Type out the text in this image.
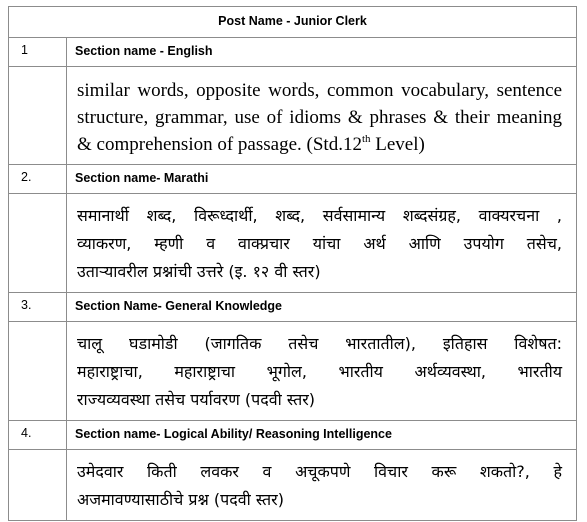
Post Name - Junior Clerk	
1	Section name - English
	similar words, opposite words, common vocabulary, sentence structure, grammar, use of idioms & phrases & their meaning & comprehension of passage. (Std.12th Level)
2.	Section name- Marathi

	समानार्थी शब्द, विरूध्दार्थी, शब्द, सर्वसामान्य शब्दसंग्रह, वाक्यरचना ,
व्याकरण, म्हणी व वाक्प्रचार यांचा अर्थ आणि उपयोग तसेच,
उताऱ्यावरील प्रश्नांची उत्तरे (इ. १२ वी स्तर)

3.	Section Name- General Knowledge

	चालू घडामोडी (जागतिक तसेच भारतातील), इतिहास विशेषत:
महाराष्ट्राचा, महाराष्ट्राचा भूगोल, भारतीय अर्थव्यवस्था, भारतीय
राज्यव्यवस्था तसेच पर्यावरण (पदवी स्तर)

4.	Section name- Logical Ability/ Reasoning Intelligence

	उमेदवार किती लवकर व अचूकपणे विचार करू शकतो?, हे
अजमावण्यासाठीचे प्रश्न (पदवी स्तर)
